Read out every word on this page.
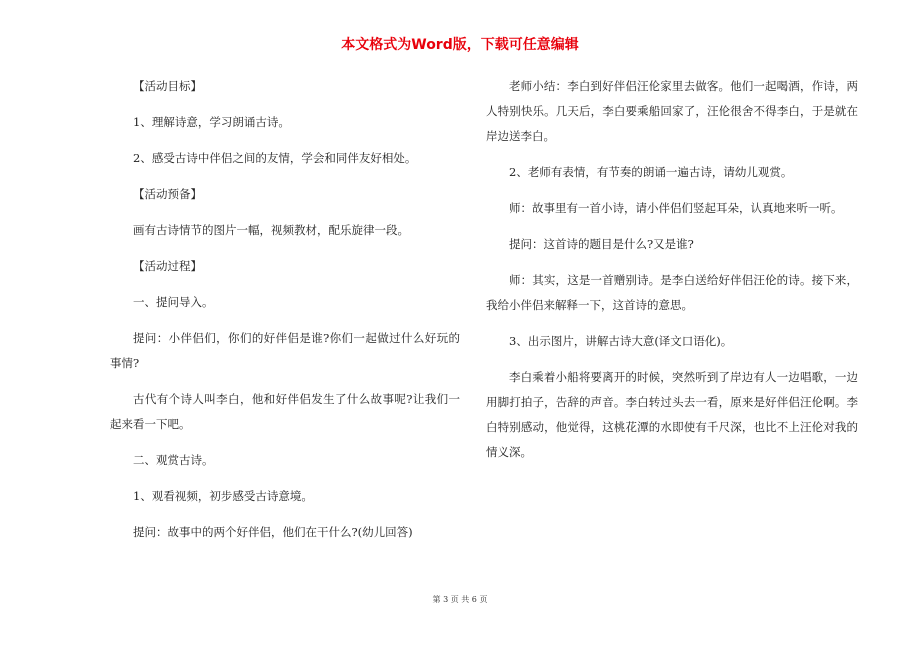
本文格式为Word版，下载可任意编辑

【活动目标】

1、理解诗意，学习朗诵古诗。

2、感受古诗中伴侣之间的友情，学会和同伴友好相处。

【活动预备】

画有古诗情节的图片一幅，视频教材，配乐旋律一段。

【活动过程】

一、提问导入。

提问：小伴侣们，你们的好伴侣是谁?你们一起做过什么好玩的事情?

古代有个诗人叫李白，他和好伴侣发生了什么故事呢?让我们一起来看一下吧。

二、观赏古诗。

1、观看视频，初步感受古诗意境。

提问：故事中的两个好伴侣，他们在干什么?(幼儿回答)

老师小结：李白到好伴侣汪伦家里去做客。他们一起喝酒，作诗，两人特别快乐。几天后，李白要乘船回家了，汪伦很舍不得李白，于是就在岸边送李白。

2、老师有表情，有节奏的朗诵一遍古诗，请幼儿观赏。

师：故事里有一首小诗，请小伴侣们竖起耳朵，认真地来听一听。

提问：这首诗的题目是什么?又是谁?

师：其实，这是一首赠别诗。是李白送给好伴侣汪伦的诗。接下来，我给小伴侣来解释一下，这首诗的意思。

3、出示图片，讲解古诗大意(译文口语化)。

李白乘着小船将要离开的时候，突然听到了岸边有人一边唱歌，一边用脚打拍子，告辞的声音。李白转过头去一看，原来是好伴侣汪伦啊。李白特别感动，他觉得，这桃花潭的水即使有千尺深，也比不上汪伦对我的情义深。

第 3 页 共 6 页
